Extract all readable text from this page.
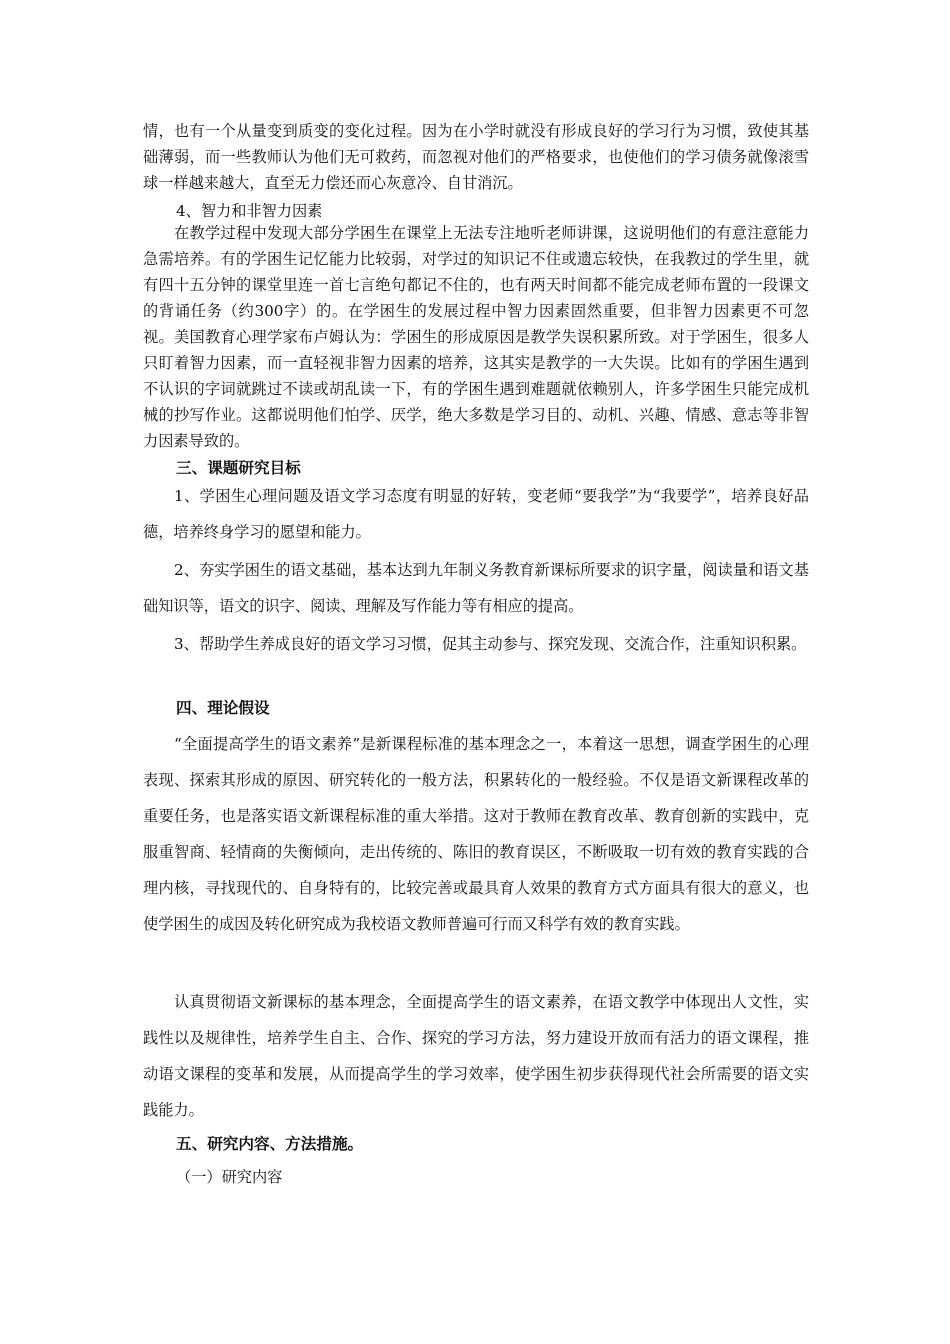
情，也有一个从量变到质变的变化过程。因为在小学时就没有形成良好的学习行为习惯，致使其基础薄弱，而一些教师认为他们无可救药，而忽视对他们的严格要求，也使他们的学习债务就像滚雪球一样越来越大，直至无力偿还而心灰意冷、自甘消沉。

4、智力和非智力因素

在教学过程中发现大部分学困生在课堂上无法专注地听老师讲课，这说明他们的有意注意能力急需培养。有的学困生记忆能力比较弱，对学过的知识记不住或遗忘较快，在我教过的学生里，就有四十五分钟的课堂里连一首七言绝句都记不住的，也有两天时间都不能完成老师布置的一段课文的背诵任务（约300字）的。在学困生的发展过程中智力因素固然重要，但非智力因素更不可忽视。美国教育心理学家布卢姆认为：学困生的形成原因是教学失误积累所致。对于学困生，很多人只盯着智力因素，而一直轻视非智力因素的培养，这其实是教学的一大失误。比如有的学困生遇到不认识的字词就跳过不读或胡乱读一下，有的学困生遇到难题就依赖别人，许多学困生只能完成机械的抄写作业。这都说明他们怕学、厌学，绝大多数是学习目的、动机、兴趣、情感、意志等非智力因素导致的。

三、课题研究目标

1、学困生心理问题及语文学习态度有明显的好转，变老师“要我学”为“我要学”，培养良好品德，培养终身学习的愿望和能力。

2、夯实学困生的语文基础，基本达到九年制义务教育新课标所要求的识字量，阅读量和语文基础知识等，语文的识字、阅读、理解及写作能力等有相应的提高。

3、帮助学生养成良好的语文学习习惯，促其主动参与、探究发现、交流合作，注重知识积累。

四、理论假设

“全面提高学生的语文素养”是新课程标准的基本理念之一，本着这一思想，调查学困生的心理表现、探索其形成的原因、研究转化的一般方法，积累转化的一般经验。不仅是语文新课程改革的重要任务，也是落实语文新课程标准的重大举措。这对于教师在教育改革、教育创新的实践中，克服重智商、轻情商的失衡倾向，走出传统的、陈旧的教育误区，不断吸取一切有效的教育实践的合理内核，寻找现代的、自身特有的，比较完善或最具育人效果的教育方式方面具有很大的意义，也使学困生的成因及转化研究成为我校语文教师普遍可行而又科学有效的教育实践。

认真贯彻语文新课标的基本理念，全面提高学生的语文素养，在语文教学中体现出人文性，实践性以及规律性，培养学生自主、合作、探究的学习方法，努力建设开放而有活力的语文课程，推动语文课程的变革和发展，从而提高学生的学习效率，使学困生初步获得现代社会所需要的语文实践能力。

五、研究内容、方法措施。

（一）研究内容
